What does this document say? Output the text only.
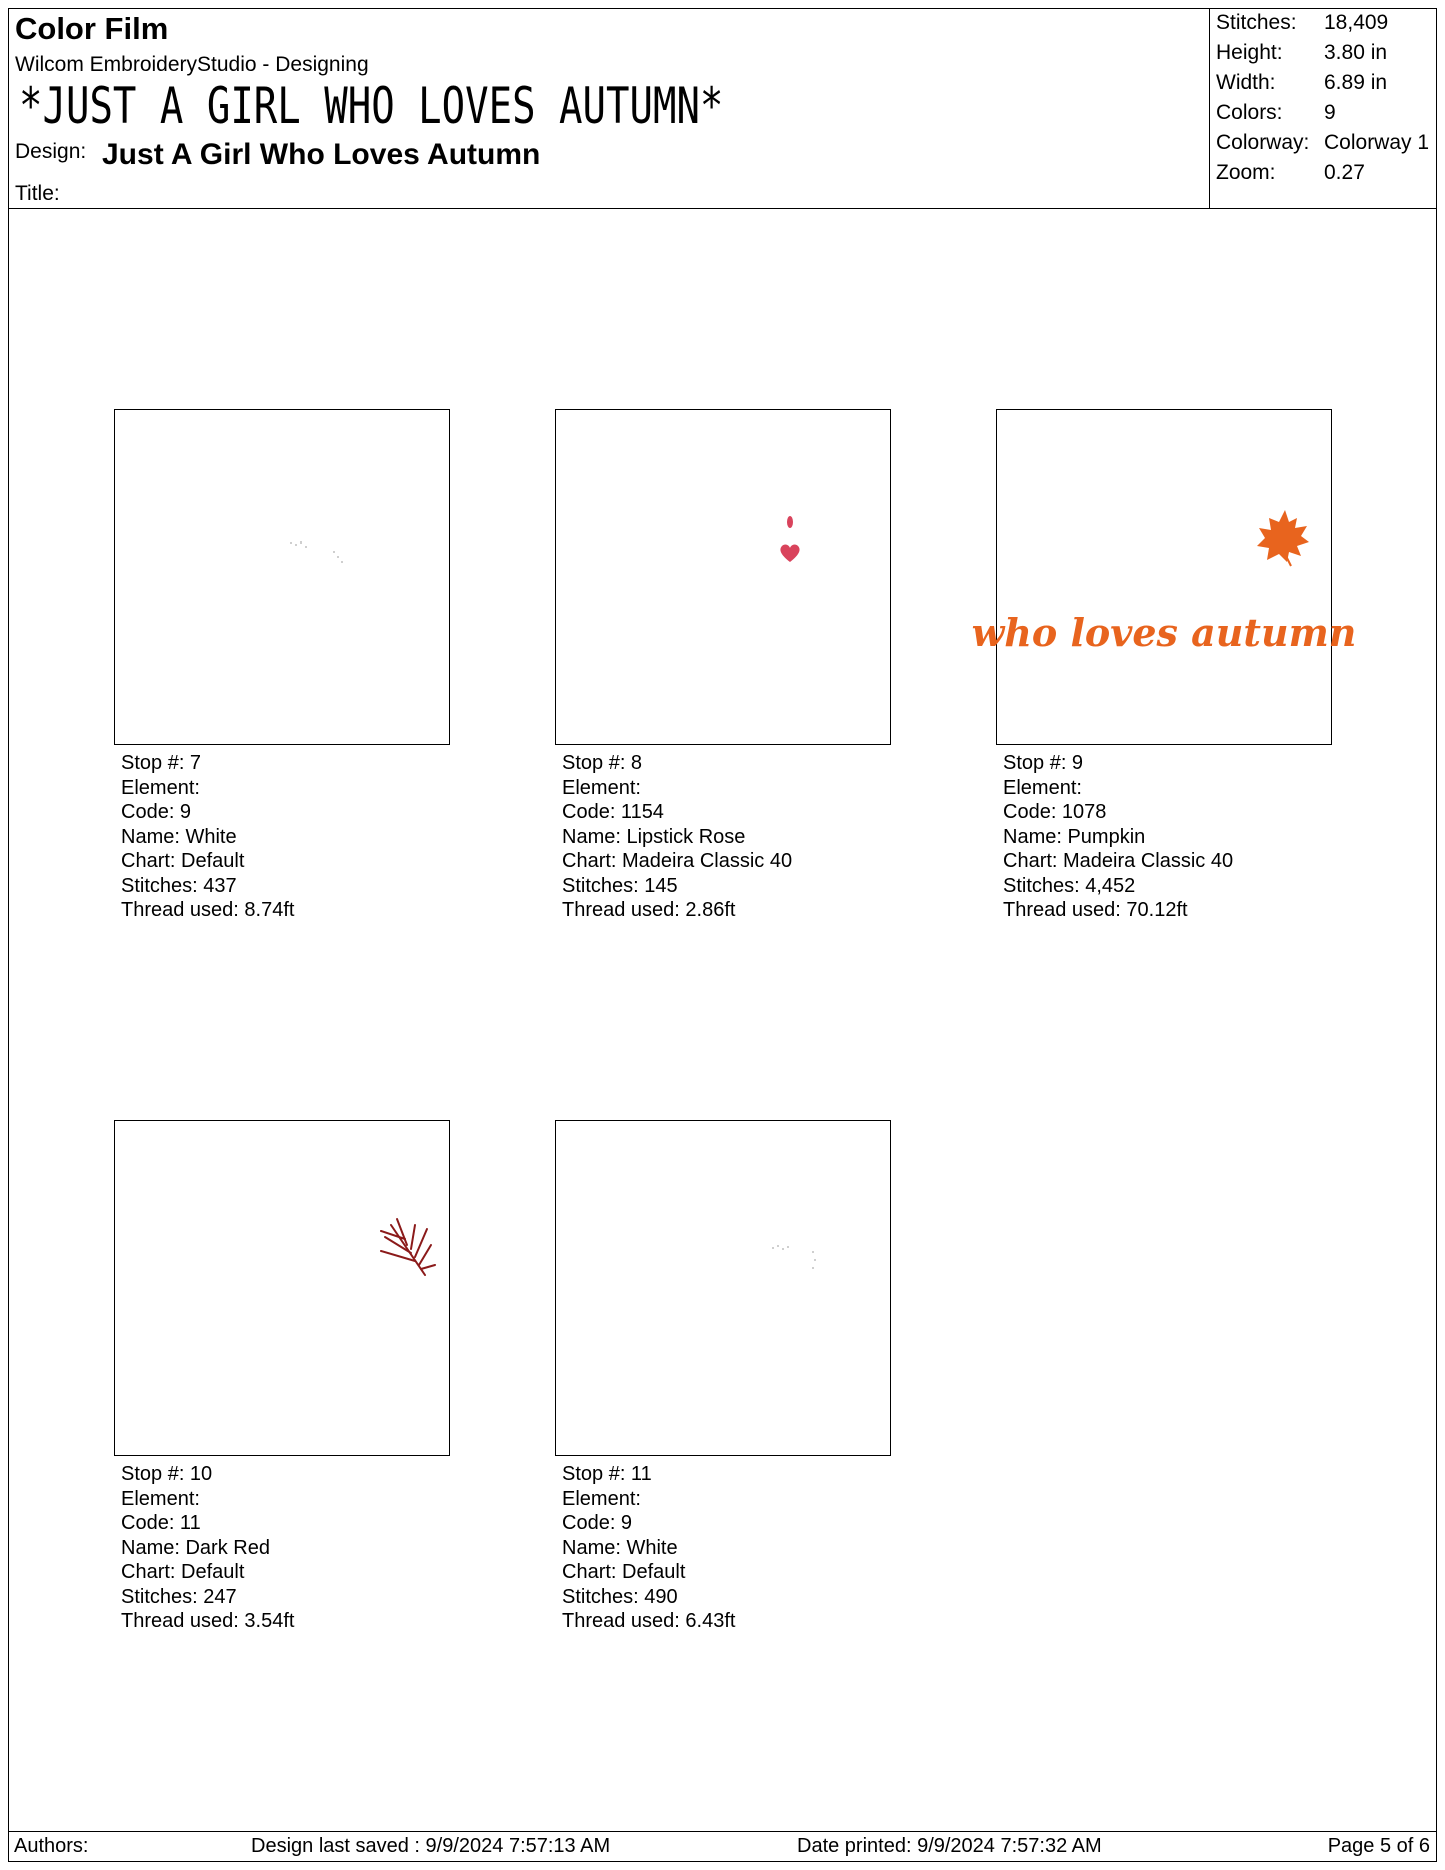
Color Film
Wilcom EmbroideryStudio - Designing
*JUST A GIRL WHO LOVES AUTUMN*
Design: Just A Girl Who Loves Autumn
Title:
Stitches: 18,409
Height: 3.80 in
Width: 6.89 in
Colors: 9
Colorway: Colorway 1
Zoom: 0.27
Stop #: 7
Element:
Code: 9
Name: White
Chart: Default
Stitches: 437
Thread used: 8.74ft
Stop #: 8
Element:
Code: 1154
Name: Lipstick Rose
Chart: Madeira Classic 40
Stitches: 145
Thread used: 2.86ft
who loves autumn
Stop #: 9
Element:
Code: 1078
Name: Pumpkin
Chart: Madeira Classic 40
Stitches: 4,452
Thread used: 70.12ft
Stop #: 10
Element:
Code: 11
Name: Dark Red
Chart: Default
Stitches: 247
Thread used: 3.54ft
Stop #: 11
Element:
Code: 9
Name: White
Chart: Default
Stitches: 490
Thread used: 6.43ft
Authors:	Design last saved : 9/9/2024 7:57:13 AM	Date printed: 9/9/2024 7:57:32 AM	Page 5 of 6
